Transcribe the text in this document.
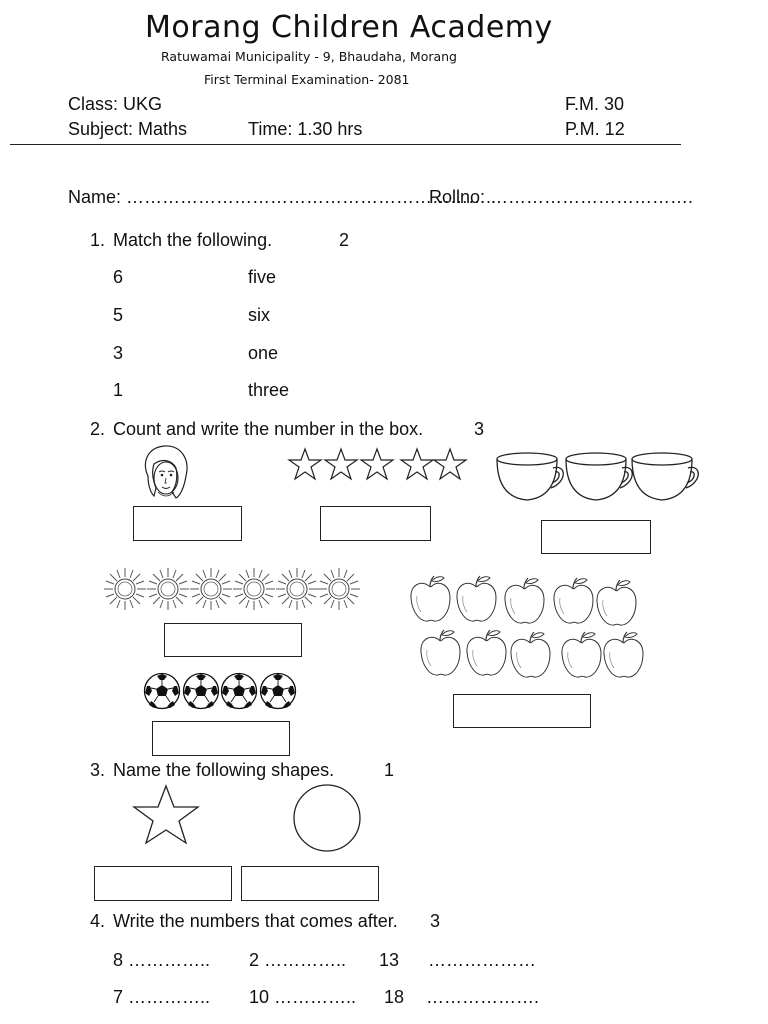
Morang Children Academy
Ratuwamai Municipality - 9, Bhaudaha, Morang
First Terminal Examination- 2081
Class: UKG	F.M. 30
Subject: Maths	Time: 1.30 hrs	P.M. 12
Name: ……………………………………………………..
Rollno: …………………………….
1. Match the following.	2
6	five
5	six
3	one
1	three
2. Count and write the number in the box.	3
3. Name the following shapes.	1
4. Write the numbers that comes after. 3
8 ………….. 2 ………….. 13 ………………
7 ………….. 10 ………….. 18 ……………….
